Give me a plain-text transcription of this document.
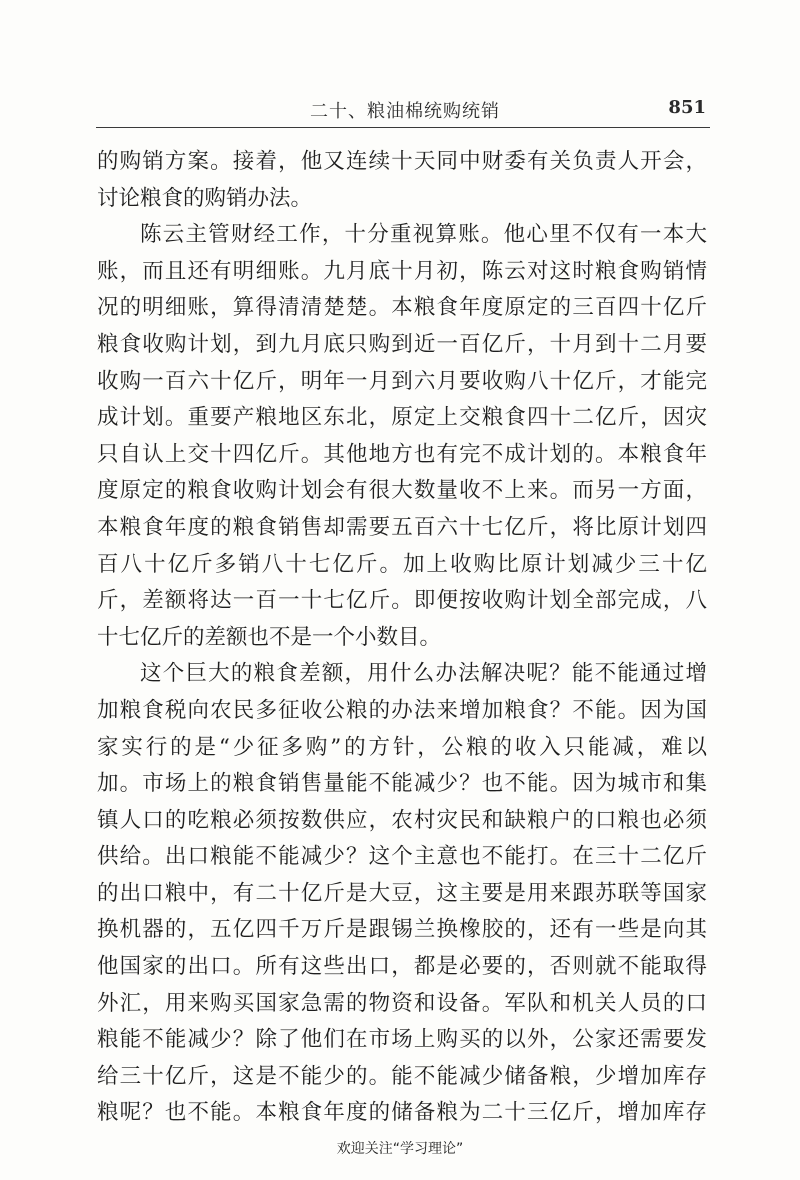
二十、粮油棉统购统销	851
的购销方案。接着，他又连续十天同中财委有关负责人开会，
讨论粮食的购销办法。
陈云主管财经工作，十分重视算账。他心里不仅有一本大
账，而且还有明细账。九月底十月初，陈云对这时粮食购销情
况的明细账，算得清清楚楚。本粮食年度原定的三百四十亿斤
粮食收购计划，到九月底只购到近一百亿斤，十月到十二月要
收购一百六十亿斤，明年一月到六月要收购八十亿斤，才能完
成计划。重要产粮地区东北，原定上交粮食四十二亿斤，因灾
只自认上交十四亿斤。其他地方也有完不成计划的。本粮食年
度原定的粮食收购计划会有很大数量收不上来。而另一方面，
本粮食年度的粮食销售却需要五百六十七亿斤，将比原计划四
百八十亿斤多销八十七亿斤。加上收购比原计划减少三十亿
斤，差额将达一百一十七亿斤。即便按收购计划全部完成，八
十七亿斤的差额也不是一个小数目。
这个巨大的粮食差额，用什么办法解决呢？能不能通过增
加粮食税向农民多征收公粮的办法来增加粮食？不能。因为国
家实行的是“少征多购”的方针，公粮的收入只能减，难以
加。市场上的粮食销售量能不能减少？也不能。因为城市和集
镇人口的吃粮必须按数供应，农村灾民和缺粮户的口粮也必须
供给。出口粮能不能减少？这个主意也不能打。在三十二亿斤
的出口粮中，有二十亿斤是大豆，这主要是用来跟苏联等国家
换机器的，五亿四千万斤是跟锡兰换橡胶的，还有一些是向其
他国家的出口。所有这些出口，都是必要的，否则就不能取得
外汇，用来购买国家急需的物资和设备。军队和机关人员的口
粮能不能减少？除了他们在市场上购买的以外，公家还需要发
给三十亿斤，这是不能少的。能不能减少储备粮，少增加库存
粮呢？也不能。本粮食年度的储备粮为二十三亿斤，增加库存
欢迎关注“学习理论”
